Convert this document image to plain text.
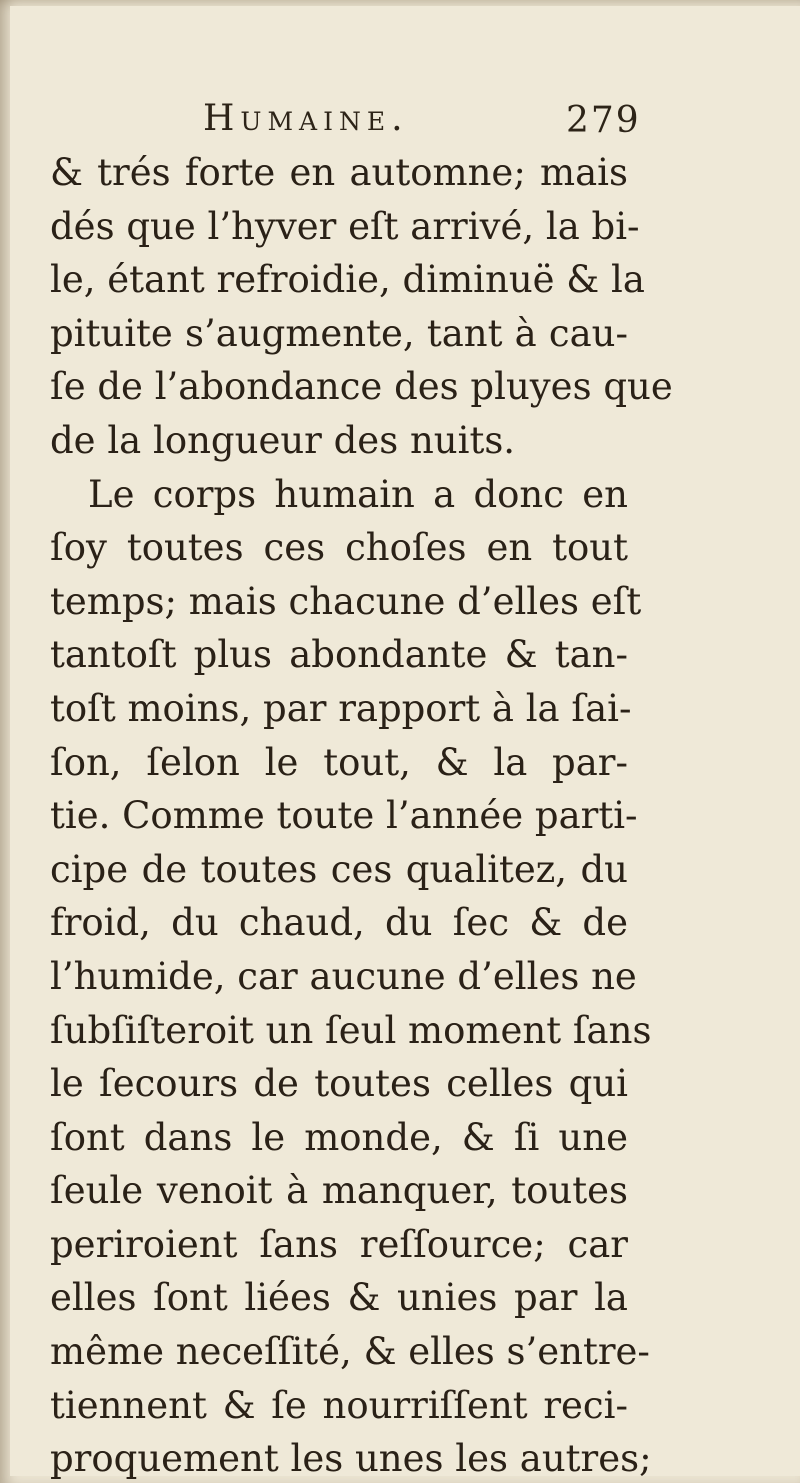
Humaine.	279
& trés forte en automne; mais
dés que l’hyver eſt arrivé, la bi-
le, étant refroidie, diminuë & la
pituite s’augmente, tant à cau-
ſe de l’abondance des pluyes que
de la longueur des nuits.
Le corps humain a donc en
ſoy toutes ces choſes en tout
temps; mais chacune d’elles eſt
tantoſt plus abondante & tan-
toſt moins, par rapport à la ſai-
ſon, ſelon le tout, & la par-
tie. Comme toute l’année parti-
cipe de toutes ces qualitez, du
froid, du chaud, du ſec & de
l’humide, car aucune d’elles ne
ſubſiſteroit un ſeul moment ſans
le ſecours de toutes celles qui
ſont dans le monde, & ſi une
ſeule venoit à manquer, toutes
periroient ſans reſſource; car
elles ſont liées & unies par la
même neceſſité, & elles s’entre-
tiennent & ſe nourriſſent reci-
proquement les unes les autres;
